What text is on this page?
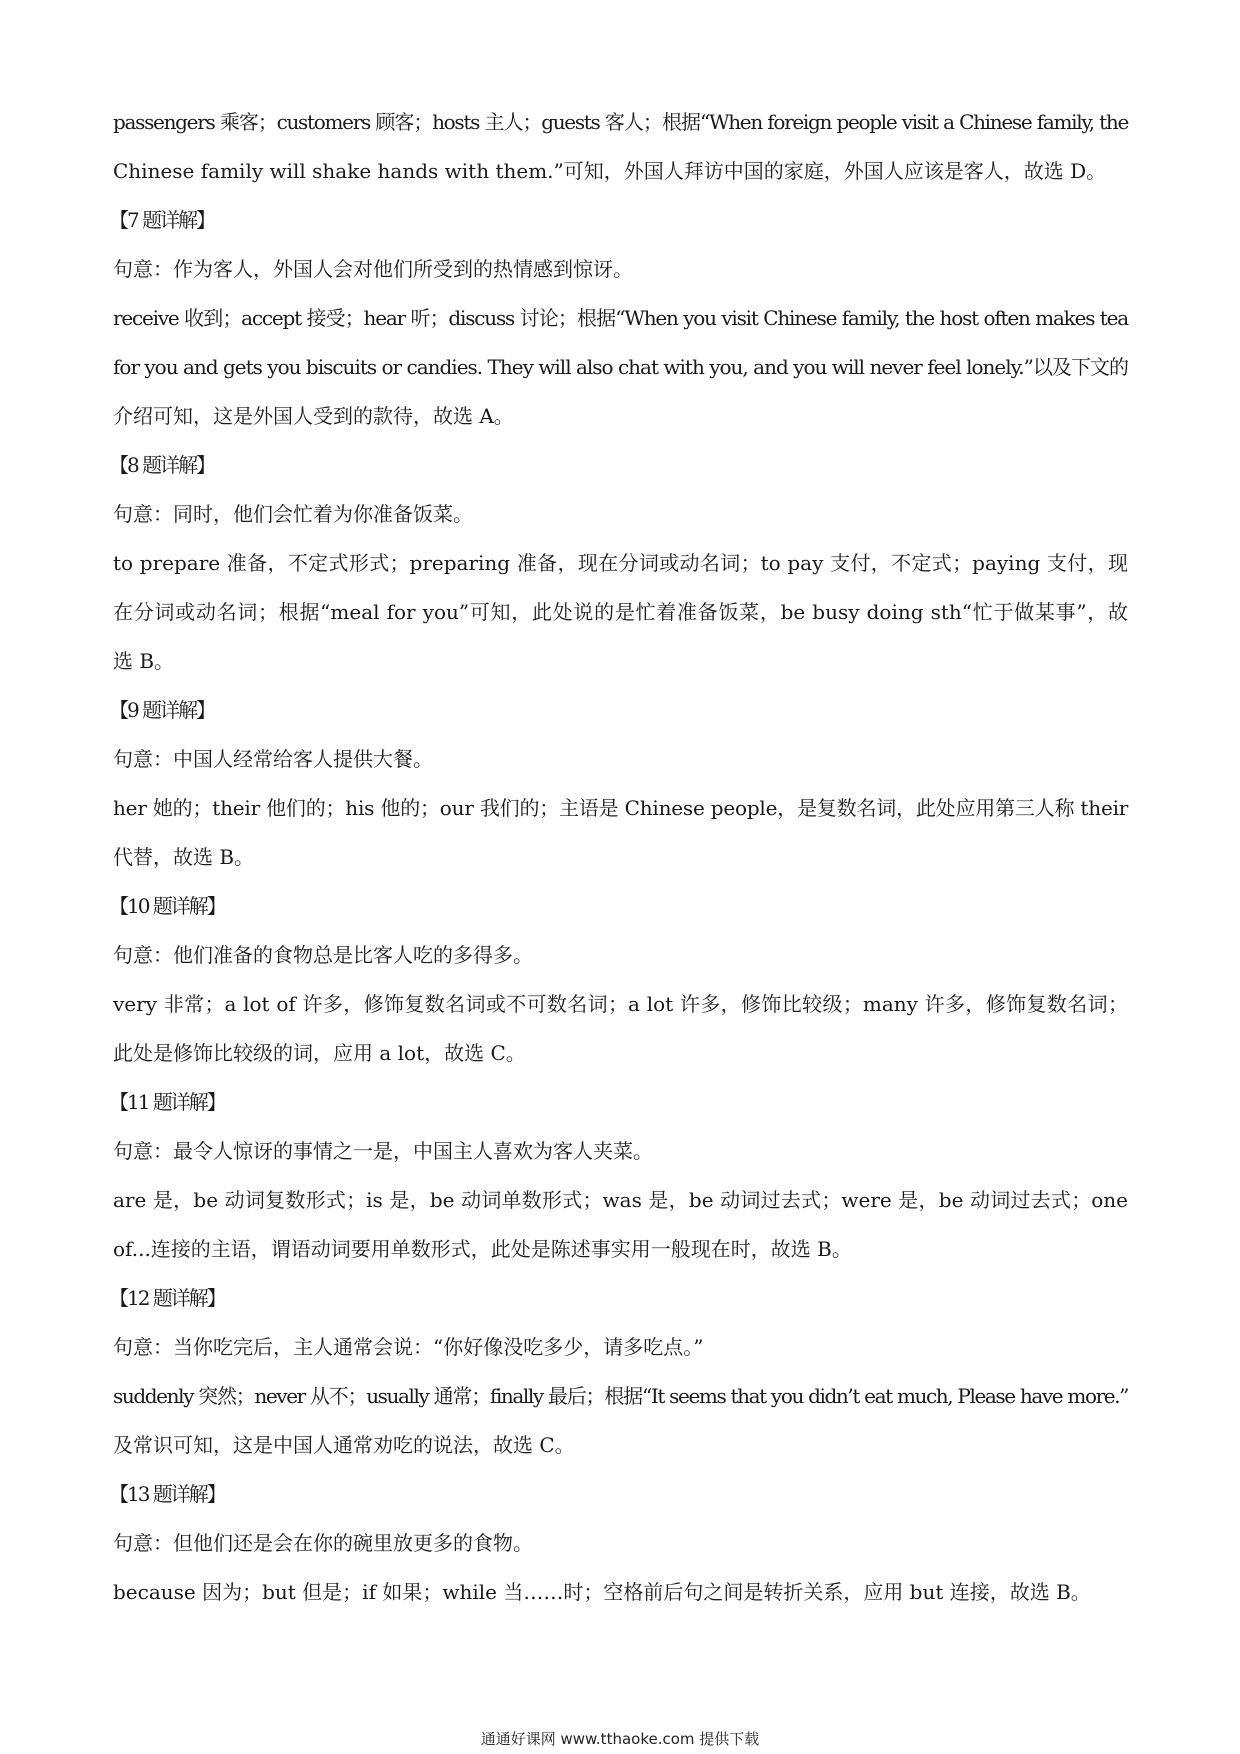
passengers 乘客；customers 顾客；hosts 主人；guests 客人；根据“When foreign people visit a Chinese family, the
Chinese family will shake hands with them.”可知，外国人拜访中国的家庭，外国人应该是客人，故选 D。
【7 题详解】
句意：作为客人，外国人会对他们所受到的热情感到惊讶。
receive 收到；accept 接受；hear 听；discuss 讨论；根据“When you visit Chinese family, the host often makes tea
for you and gets you biscuits or candies. They will also chat with you, and you will never feel lonely.”以及下文的
介绍可知，这是外国人受到的款待，故选 A。
【8 题详解】
句意：同时，他们会忙着为你准备饭菜。
to prepare 准备，不定式形式；preparing 准备，现在分词或动名词；to pay 支付，不定式；paying 支付，现
在分词或动名词；根据“meal for you”可知，此处说的是忙着准备饭菜，be busy doing sth“忙于做某事”，故
选 B。
【9 题详解】
句意：中国人经常给客人提供大餐。
her 她的；their 他们的；his 他的；our 我们的；主语是 Chinese people，是复数名词，此处应用第三人称 their
代替，故选 B。
【10 题详解】
句意：他们准备的食物总是比客人吃的多得多。
very 非常；a lot of 许多，修饰复数名词或不可数名词；a lot 许多，修饰比较级；many 许多，修饰复数名词；
此处是修饰比较级的词，应用 a lot，故选 C。
【11 题详解】
句意：最令人惊讶的事情之一是，中国主人喜欢为客人夹菜。
are 是，be 动词复数形式；is 是，be 动词单数形式；was 是，be 动词过去式；were 是，be 动词过去式；one
of...连接的主语，谓语动词要用单数形式，此处是陈述事实用一般现在时，故选 B。
【12 题详解】
句意：当你吃完后，主人通常会说：“你好像没吃多少，请多吃点。”
suddenly 突然；never 从不；usually 通常；finally 最后；根据“It seems that you didn’t eat much, Please have more.”
及常识可知，这是中国人通常劝吃的说法，故选 C。
【13 题详解】
句意：但他们还是会在你的碗里放更多的食物。
because 因为；but 但是；if 如果；while 当……时；空格前后句之间是转折关系，应用 but 连接，故选 B。
通通好课网 www.tthaoke.com 提供下载
